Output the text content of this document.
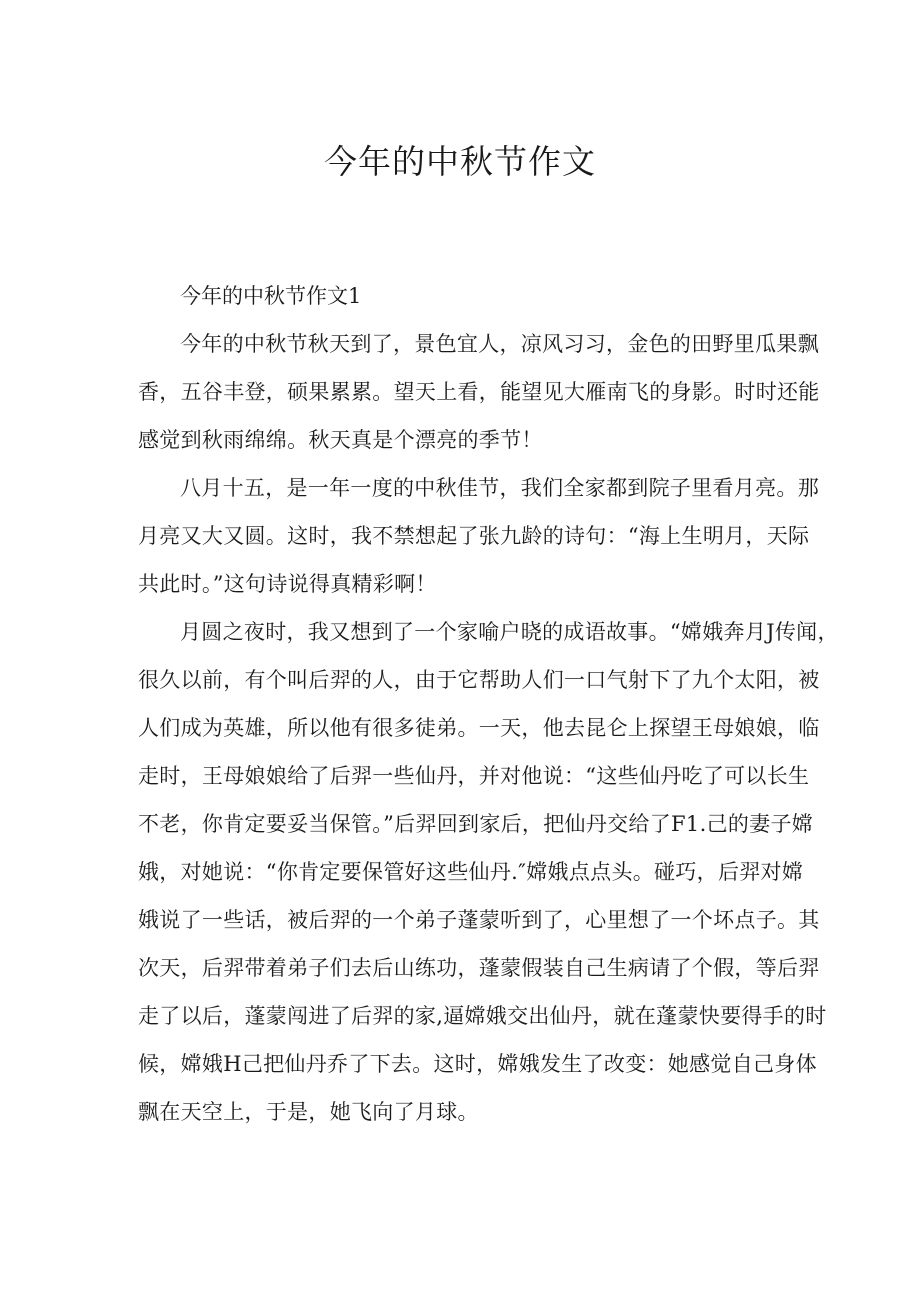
今年的中秋节作文

今年的中秋节作文1

今年的中秋节秋天到了，景色宜人，凉风习习，金色的田野里瓜果飘
香，五谷丰登，硕果累累。望天上看，能望见大雁南飞的身影。时时还能
感觉到秋雨绵绵。秋天真是个漂亮的季节！
八月十五，是一年一度的中秋佳节，我们全家都到院子里看月亮。那
月亮又大又圆。这时，我不禁想起了张九龄的诗句：“海上生明月，天际
共此时。”这句诗说得真精彩啊！
月圆之夜时，我又想到了一个家喻户晓的成语故事。“嫦娥奔月J传闻，
很久以前，有个叫后羿的人，由于它帮助人们一口气射下了九个太阳，被
人们成为英雄，所以他有很多徒弟。一天，他去昆仑上探望王母娘娘，临
走时，王母娘娘给了后羿一些仙丹，并对他说：“这些仙丹吃了可以长生
不老，你肯定要妥当保管。”后羿回到家后，把仙丹交给了F1.己的妻子嫦
娥，对她说：“你肯定要保管好这些仙丹.″嫦娥点点头。碰巧，后羿对嫦
娥说了一些话，被后羿的一个弟子蓬蒙听到了，心里想了一个坏点子。其
次天，后羿带着弟子们去后山练功，蓬蒙假装自己生病请了个假，等后羿
走了以后，蓬蒙闯进了后羿的家,逼嫦娥交出仙丹，就在蓬蒙快要得手的时
候，嫦娥H己把仙丹乔了下去。这时，嫦娥发生了改变：她感觉自己身体
飘在天空上，于是，她飞向了月球。
